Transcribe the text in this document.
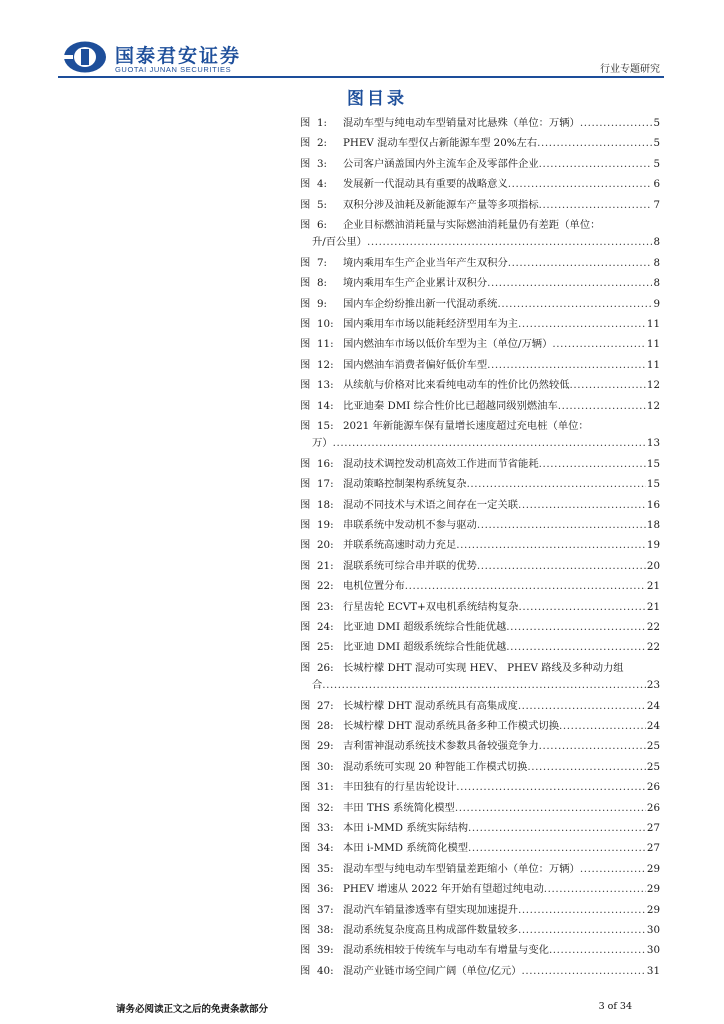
国泰君安证券
GUOTAI JUNAN SECURITIES	行业专题研究
图目录
图 1:	混动车型与纯电动车型销量对比悬殊（单位：万辆） .....	5
图 2:	PHEV 混动车型仅占新能源车型 20%左右 .....	5
图 3:	公司客户涵盖国内外主流车企及零部件企业 .....	5
图 4:	发展新一代混动具有重要的战略意义 .....	6
图 5:	双积分涉及油耗及新能源车产量等多项指标 .....	7
图 6:	企业目标燃油消耗量与实际燃油消耗量仍有差距（单位：
升/百公里） .....	8
图 7:	境内乘用车生产企业当年产生双积分 .....	8
图 8:	境内乘用车生产企业累计双积分 .....	8
图 9:	国内车企纷纷推出新一代混动系统 .....	9
图 10: 国内乘用车市场以能耗经济型用车为主 .....	11
图 11: 国内燃油车市场以低价车型为主（单位/万辆） .....	11
图 12: 国内燃油车消费者偏好低价车型 .....	11
图 13: 从续航与价格对比来看纯电动车的性价比仍然较低 .....	12
图 14: 比亚迪秦 DMI 综合性价比已超越同级别燃油车 .....	12
图 15: 2021 年新能源车保有量增长速度超过充电桩（单位：
万） .....	13
图 16: 混动技术调控发动机高效工作进而节省能耗 .....	15
图 17: 混动策略控制架构系统复杂 .....	15
图 18: 混动不同技术与术语之间存在一定关联 .....	16
图 19: 串联系统中发动机不参与驱动 .....	18
图 20: 并联系统高速时动力充足 .....	19
图 21: 混联系统可综合串并联的优势 .....	20
图 22: 电机位置分布 .....	21
图 23: 行星齿轮 ECVT+双电机系统结构复杂 .....	21
图 24: 比亚迪 DMI 超级系统综合性能优越 .....	22
图 25: 比亚迪 DMI 超级系统综合性能优越 .....	22
图 26: 长城柠檬 DHT 混动可实现 HEV、 PHEV 路线及多种动力组
合 .....	23
图 27: 长城柠檬 DHT 混动系统具有高集成度 .....	24
图 28: 长城柠檬 DHT 混动系统具备多种工作模式切换 .....	24
图 29: 吉利雷神混动系统技术参数具备较强竞争力 .....	25
图 30: 混动系统可实现 20 种智能工作模式切换 .....	25
图 31: 丰田独有的行星齿轮设计 .....	26
图 32: 丰田 THS 系统简化模型 .....	26
图 33: 本田 i-MMD 系统实际结构 .....	27
图 34: 本田 i-MMD 系统简化模型 .....	27
图 35: 混动车型与纯电动车型销量差距缩小（单位：万辆） .....	29
图 36: PHEV 增速从 2022 年开始有望超过纯电动 .....	29
图 37: 混动汽车销量渗透率有望实现加速提升 .....	29
图 38: 混动系统复杂度高且构成部件数量较多 .....	30
图 39: 混动系统相较于传统车与电动车有增量与变化 .....	30
图 40: 混动产业链市场空间广阔（单位/亿元） .....	31
请务必阅读正文之后的免责条款部分	3 of 34
